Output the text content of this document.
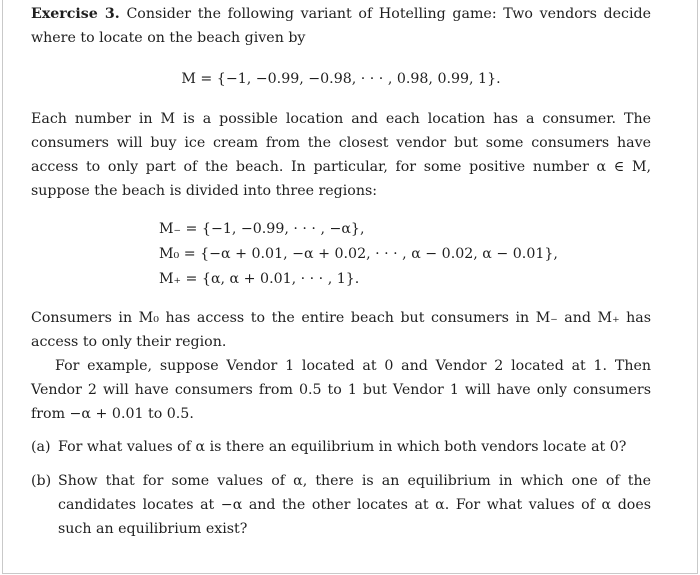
Exercise 3. Consider the following variant of Hotelling game: Two vendors decide where to locate on the beach given by

M = {−1, −0.99, −0.98, · · · , 0.98, 0.99, 1}.

Each number in M is a possible location and each location has a consumer. The consumers will buy ice cream from the closest vendor but some consumers have access to only part of the beach. In particular, for some positive number α ∈ M, suppose the beach is divided into three regions:

M₋ = {−1, −0.99, · · · , −α},
M₀ = {−α + 0.01, −α + 0.02, · · · , α − 0.02, α − 0.01},
M₊ = {α, α + 0.01, · · · , 1}.

Consumers in M₀ has access to the entire beach but consumers in M₋ and M₊ has access to only their region.

For example, suppose Vendor 1 located at 0 and Vendor 2 located at 1. Then Vendor 2 will have consumers from 0.5 to 1 but Vendor 1 will have only consumers from −α + 0.01 to 0.5.

(a) For what values of α is there an equilibrium in which both vendors locate at 0?
(b) Show that for some values of α, there is an equilibrium in which one of the candidates locates at −α and the other locates at α. For what values of α does such an equilibrium exist?
